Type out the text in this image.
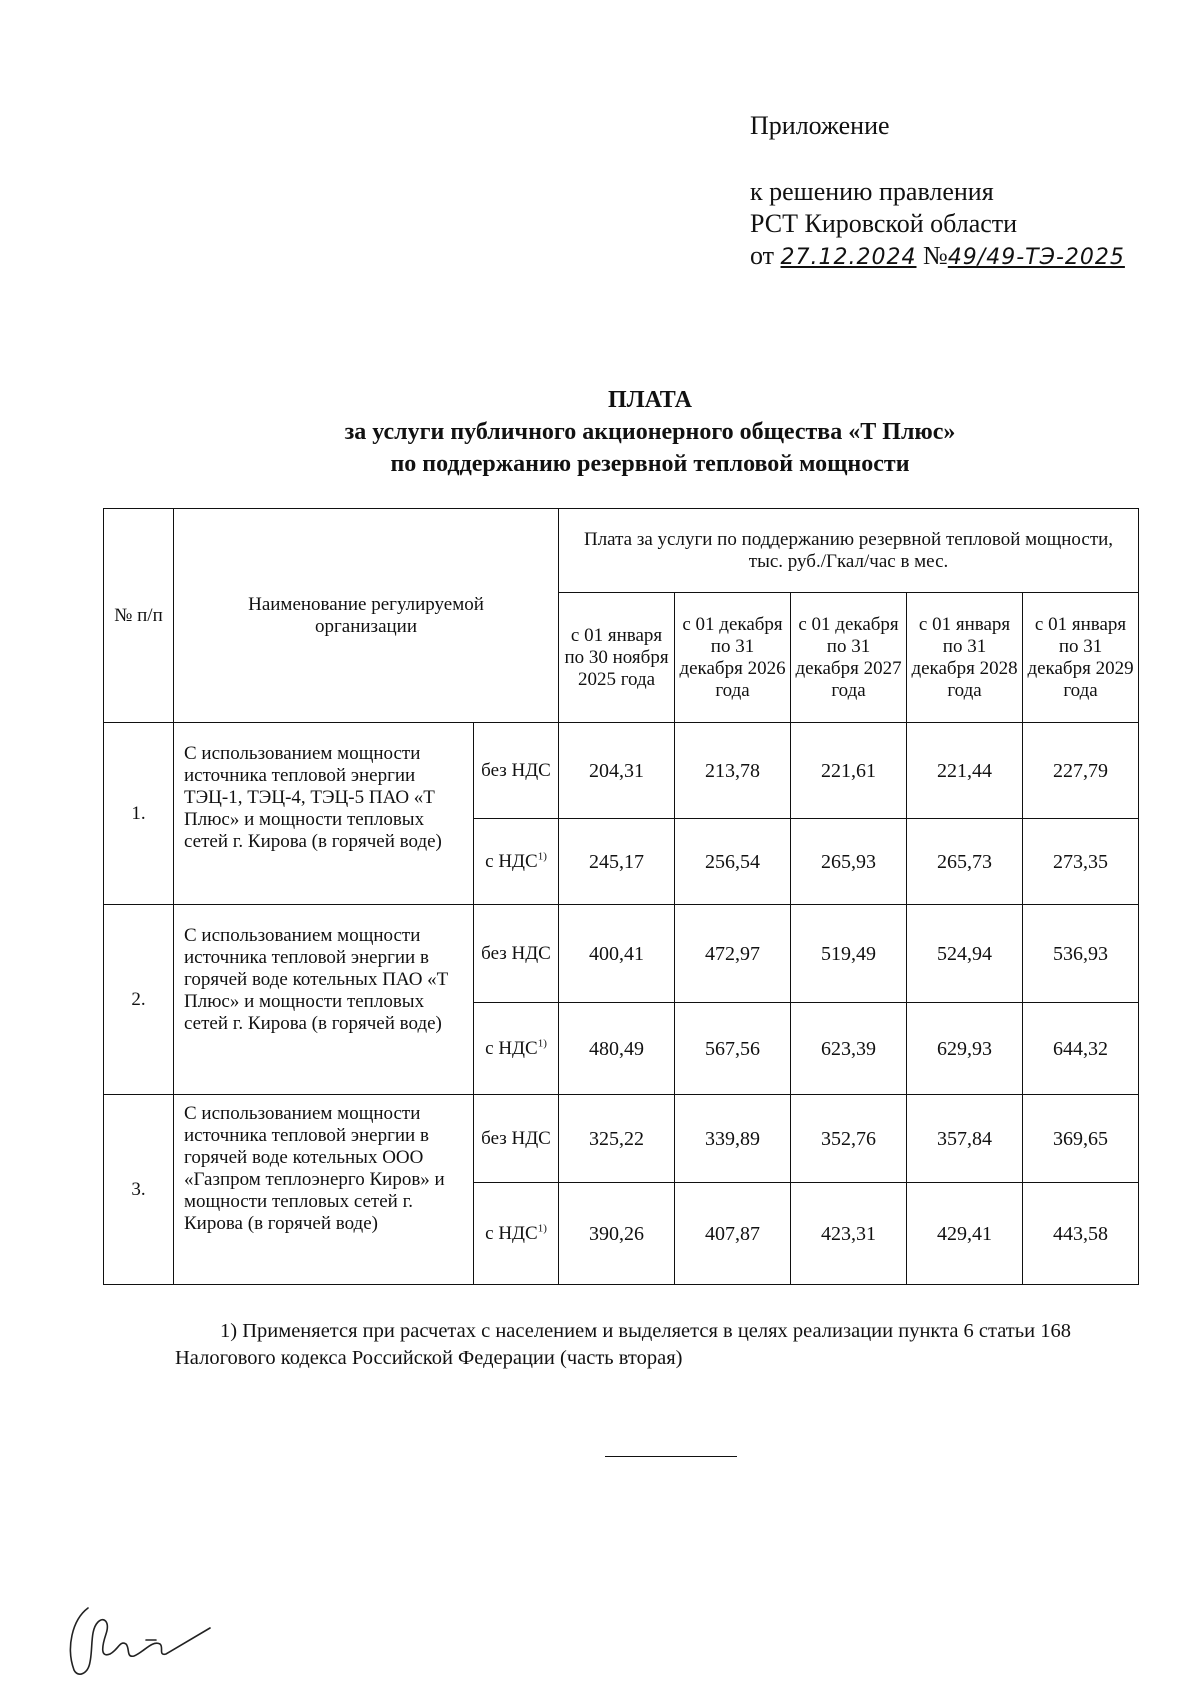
Приложение
к решению правления
РСТ Кировской области
от 27.12.2024 №49/49-ТЭ-2025
ПЛАТА
за услуги публичного акционерного общества «Т Плюс»
по поддержанию резервной тепловой мощности
№ п/п	Наименование регулируемой организации		Плата за услуги по поддержанию резервной тепловой мощности, тыс. руб./Гкал/час в мес.				
			с 01 января по 30 ноября 2025 года	с 01 декабря по 31 декабря 2026 года	с 01 декабря по 31 декабря 2027 года	с 01 января по 31 декабря 2028 года	с 01 января по 31 декабря 2029 года
1.	С использованием мощности источника тепловой энергии ТЭЦ-1, ТЭЦ-4, ТЭЦ-5 ПАО «Т Плюс» и мощности тепловых сетей г. Кирова (в горячей воде)	без НДС	204,31	213,78	221,61	221,44	227,79
		с НДС$^{1)}$	245,17	256,54	265,93	265,73	273,35
2.	С использованием мощности источника тепловой энергии в горячей воде котельных ПАО «Т Плюс» и мощности тепловых сетей г. Кирова (в горячей воде)	без НДС	400,41	472,97	519,49	524,94	536,93
		с НДС$^{1)}$	480,49	567,56	623,39	629,93	644,32
3.	С использованием мощности источника тепловой энергии в горячей воде котельных ООО «Газпром теплоэнерго Киров» и мощности тепловых сетей г. Кирова (в горячей воде)	без НДС	325,22	339,89	352,76	357,84	369,65
		с НДС$^{1)}$	390,26	407,87	423,31	429,41	443,58
1) Применяется при расчетах с населением и выделяется в целях реализации пункта 6 статьи 168 Налогового кодекса Российской Федерации (часть вторая)
